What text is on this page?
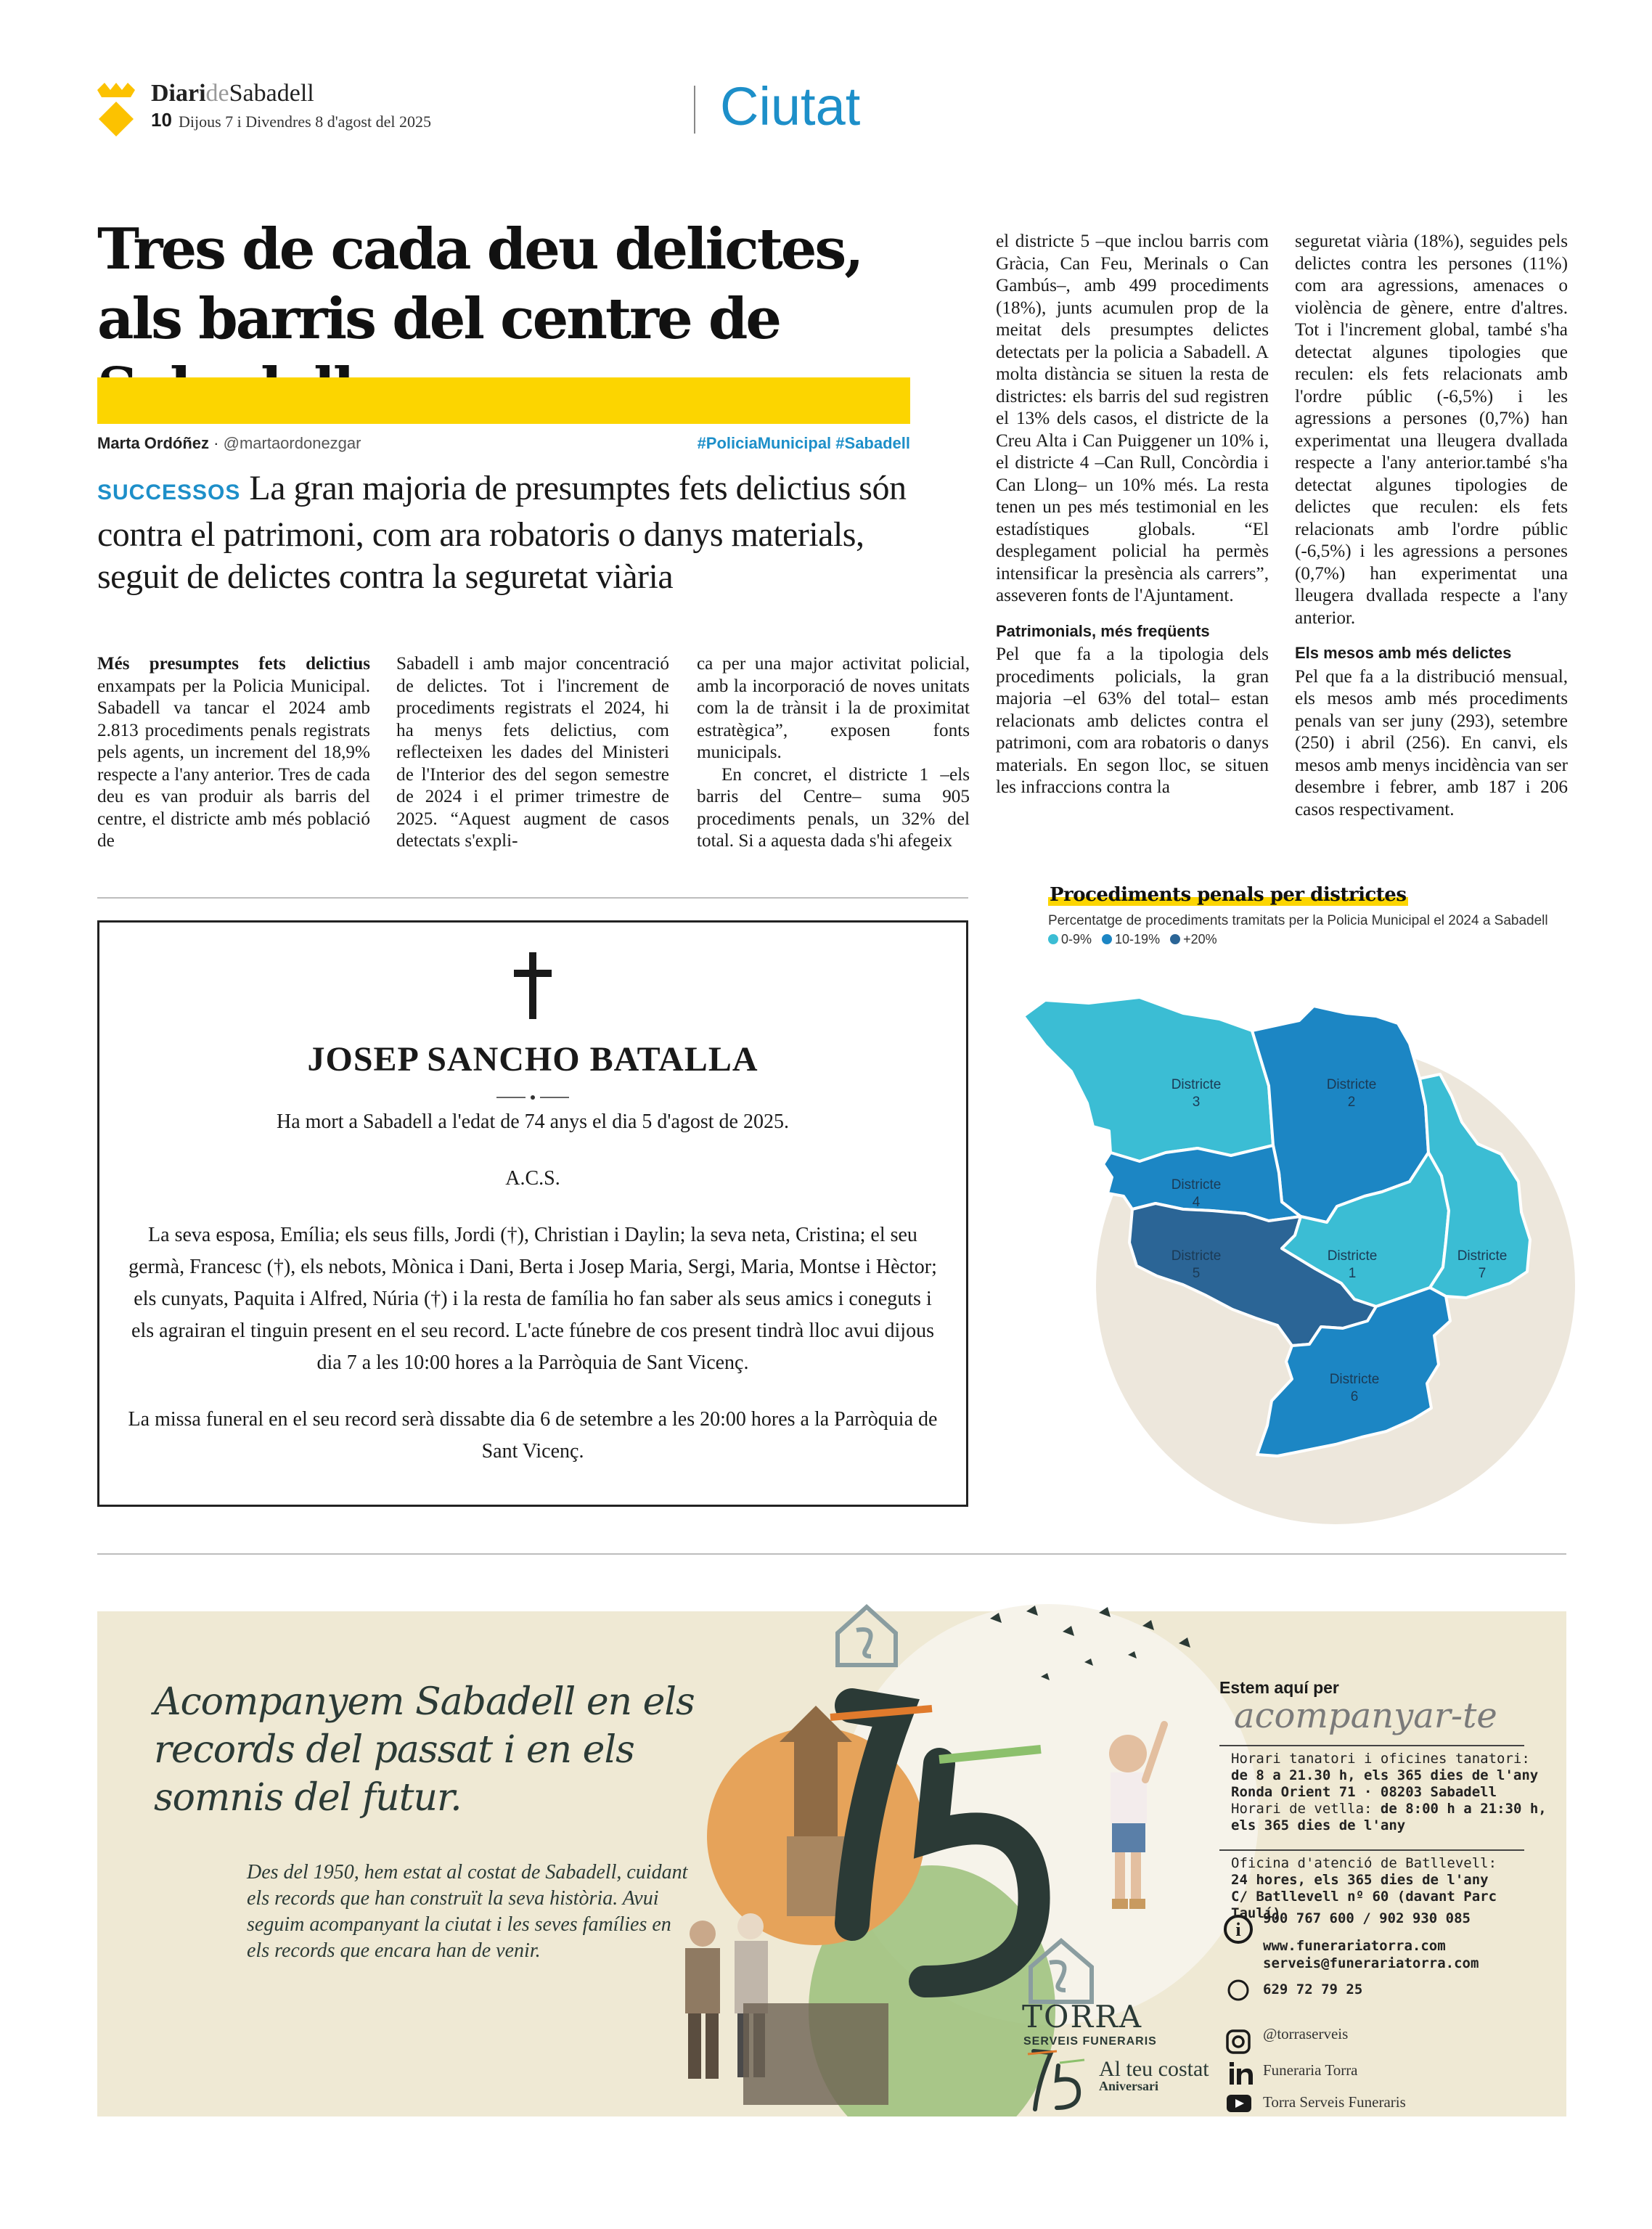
DiarideSabadell
10 Dijous 7 i Divendres 8 d'agost del 2025	Ciutat
Tres de cada deu delictes, als barris del centre de
Marta Ordóñez · @martaordonezgar	#PoliciaMunicipal #Sabadell
SUCCESSOS La gran majoria de presumptes fets delictius són contra el patrimoni, com ara robatoris o danys materials, seguit de delictes contra la seguretat viària

Més presumptes fets delictius enxampats per la Policia Municipal. Sabadell va tancar el 2024 amb 2.813 procediments penals registrats pels agents, un increment del 18,9% respecte a l'any anterior. Tres de cada deu es van produir als barris del centre, el districte amb més població de

Sabadell i amb major concentració de delictes. Tot i l'increment de procediments registrats el 2024, hi ha menys fets delictius, com reflecteixen les dades del Ministeri de l'Interior des del segon semestre de 2024 i el primer trimestre de 2025. “Aquest augment de casos detectats s'expli-

ca per una major activitat policial, amb la incorporació de noves unitats com la de trànsit i la de proximitat estratègica”, exposen fonts municipals.

En concret, el districte 1 –els barris del Centre– suma 905 procediments penals, un 32% del total. Si a aquesta dada s'hi afegeix

el districte 5 –que inclou barris com Gràcia, Can Feu, Merinals o Can Gambús–, amb 499 procediments (18%), junts acumulen prop de la meitat dels presumptes delictes detectats per la policia a Sabadell. A molta distància se situen la resta de districtes: els barris del sud registren el 13% dels casos, el districte de la Creu Alta i Can Puiggener un 10% i, el districte 4 –Can Rull, Concòrdia i Can Llong– un 10% més. La resta tenen un pes més testimonial en les estadístiques globals. “El desplegament policial ha permès intensificar la presència als carrers”, asseveren fonts de l'Ajuntament.

Patrimonials, més freqüents

Pel que fa a la tipologia dels procediments policials, la gran majoria –el 63% del total– estan relacionats amb delictes contra el patrimoni, com ara robatoris o danys materials. En segon lloc, se situen les infraccions contra la

seguretat viària (18%), seguides pels delictes contra les persones (11%) com ara agressions, amenaces o violència de gènere, entre d'altres. Tot i l'increment global, també s'ha detectat algunes tipologies que reculen: els fets relacionats amb l'ordre públic (-6,5%) i les agressions a persones (0,7%) han experimentat una lleugera dvallada respecte a l'any anterior.també s'ha detectat algunes tipologies de delictes que reculen: els fets relacionats amb l'ordre públic (-6,5%) i les agressions a persones (0,7%) han experimentat una lleugera dvallada respecte a l'any anterior.

Els mesos amb més delictes

Pel que fa a la distribució mensual, els mesos amb més procediments penals van ser juny (293), setembre (250) i abril (256). En canvi, els mesos amb menys incidència van ser desembre i febrer, amb 187 i 206 casos respectivament.

Procediments penals per districtes
Percentatge de procediments tramitats per la Policia Municipal el 2024 a Sabadell
0-9%	10-19%	+20%
Districte 3
Districte 2
Districte 4
Districte 5
Districte 1
Districte 7
Districte 6
JOSEP SANCHO BATALLA

Ha mort a Sabadell a l'edat de 74 anys el dia 5 d'agost de 2025.

A.C.S.

La seva esposa, Emília; els seus fills, Jordi (†), Christian i Daylin; la seva neta, Cristina; el seu germà, Francesc (†), els nebots, Mònica i Dani, Berta i Josep Maria, Sergi, Maria, Montse i Hèctor; els cunyats, Paquita i Alfred, Núria (†) i la resta de família ho fan saber als seus amics i coneguts i els agrairan el tinguin present en el seu record. L'acte fúnebre de cos present tindrà lloc avui dijous dia 7 a les 10:00 hores a la Parròquia de Sant Vicenç.

La missa funeral en el seu record serà dissabte dia 6 de setembre a les 20:00 hores a la Parròquia de Sant Vicenç.

i
Acompanyem Sabadell en els records del passat i en els somnis del futur.
Des del 1950, hem estat al costat de Sabadell, cuidant els records que han construït la seva història. Avui seguim acompanyant la ciutat i les seves famílies en els records que encara han de venir.
TORRA
SERVEIS FUNERARIS
Al teu costat
Aniversari
Estem aquí per
acompanyar-te
Horari tanatori i oficines tanatori:
de 8 a 21.30 h, els 365 dies de l'any
Ronda Orient 71 · 08203 Sabadell
Horari de vetlla: de 8:00 h a 21:30 h,
els 365 dies de l'any
Oficina d'atenció de Batllevell:
24 hores, els 365 dies de l'any
C/ Batllevell nº 60 (davant Parc Taulí)
900 767 600 / 902 930 085
www.funerariatorra.com
serveis@funerariatorra.com
629 72 79 25
@torraserveis
Funeraria Torra
Torra Serveis Funeraris
